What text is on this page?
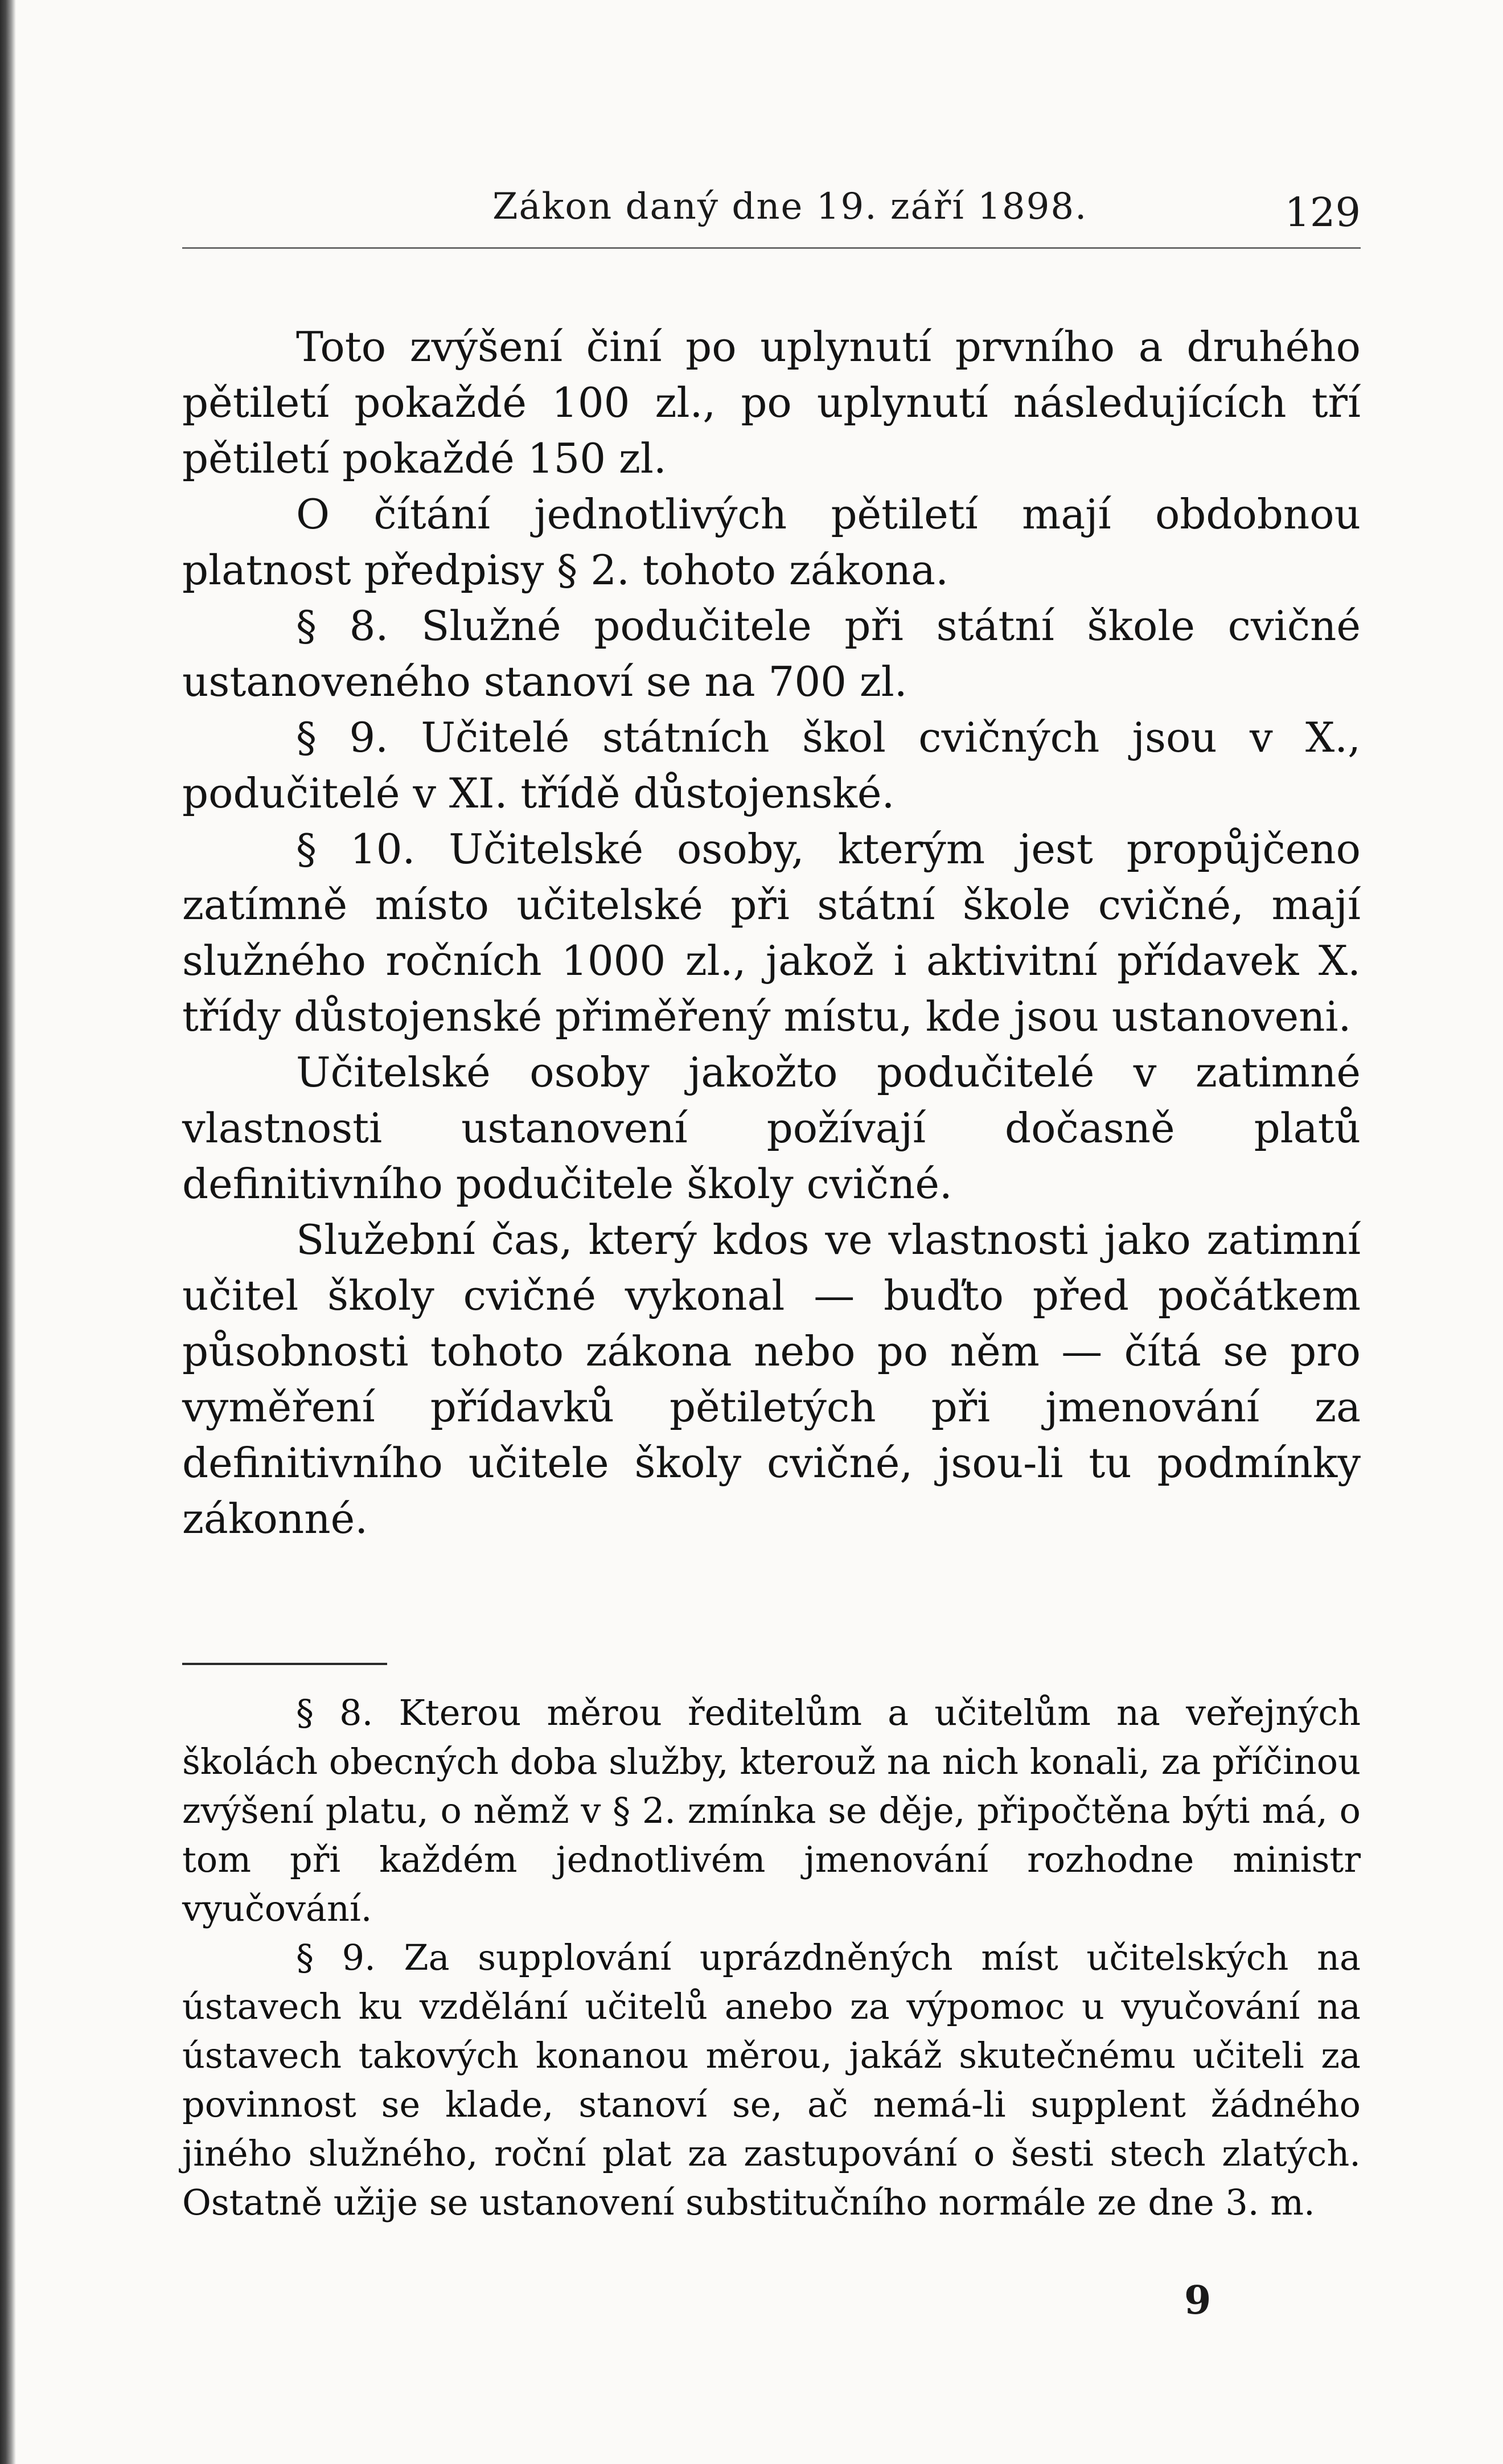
Zákon daný dne 19. září 1898.	129

Toto zvýšení činí po uplynutí prvního a druhého pětiletí pokaždé 100 zl., po uplynutí následujících tří pětiletí pokaždé 150 zl.

O čítání jednotlivých pětiletí mají obdobnou platnost předpisy § 2. tohoto zákona.

§ 8. Služné podučitele při státní škole cvičné ustanoveného stanoví se na 700 zl.

§ 9. Učitelé státních škol cvičných jsou v X., podučitelé v XI. třídě důstojenské.

§ 10. Učitelské osoby, kterým jest propůjčeno zatímně místo učitelské při státní škole cvičné, mají služného ročních 1000 zl., jakož i aktivitní přídavek X. třídy důstojenské přiměřený místu, kde jsou ustanoveni.

Učitelské osoby jakožto podučitelé v zatimné vlastnosti ustanovení požívají dočasně platů definitivního podučitele školy cvičné.

Služební čas, který kdos ve vlastnosti jako zatimní učitel školy cvičné vykonal — buďto před počátkem působnosti tohoto zákona nebo po něm — čítá se pro vyměření přídavků pětiletých při jmenování za definitivního učitele školy cvičné, jsou-li tu podmínky zákonné.

§ 8. Kterou měrou ředitelům a učitelům na veřejných školách obecných doba služby, kterouž na nich konali, za příčinou zvýšení platu, o němž v § 2. zmínka se děje, připočtěna býti má, o tom při každém jednotlivém jmenování rozhodne ministr vyučování.

§ 9. Za supplování uprázdněných míst učitelských na ústavech ku vzdělání učitelů anebo za výpomoc u vyučování na ústavech takových konanou měrou, jakáž skutečnému učiteli za povinnost se klade, stanoví se, ač nemá-li supplent žádného jiného služného, roční plat za zastupování o šesti stech zlatých. Ostatně užije se ustanovení substitučního normále ze dne 3. m.

9
